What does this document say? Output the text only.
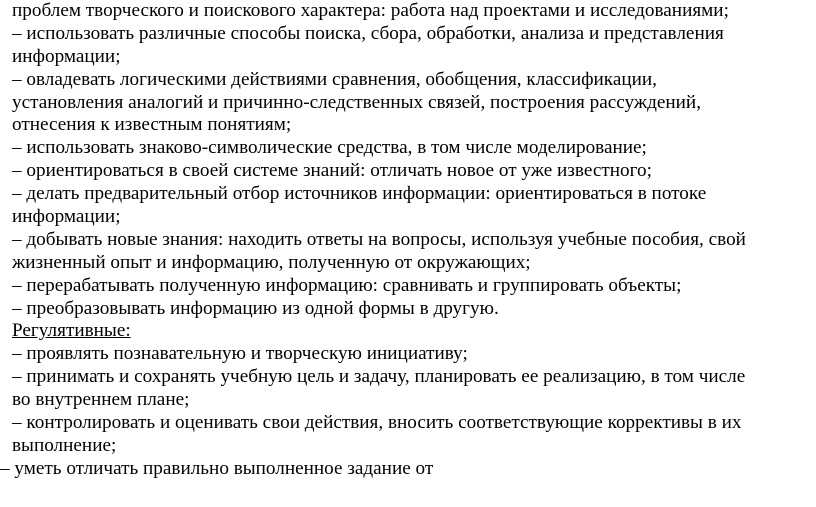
проблем творческого и поискового характера: работа над проектами и исследованиями;
– использовать различные способы поиска, сбора, обработки, анализа и представления
информации;
– овладевать логическими действиями сравнения, обобщения, классификации,
установления аналогий и причинно-следственных связей, построения рассуждений,
отнесения к известным понятиям;
– использовать знаково-символические средства, в том числе моделирование;
– ориентироваться в своей системе знаний: отличать новое от уже известного;
– делать предварительный отбор источников информации: ориентироваться в потоке
информации;
– добывать новые знания: находить ответы на вопросы, используя учебные пособия, свой
жизненный опыт и информацию, полученную от окружающих;
– перерабатывать полученную информацию: сравнивать и группировать объекты;
– преобразовывать информацию из одной формы в другую.
Регулятивные:
– проявлять познавательную и творческую инициативу;
– принимать и сохранять учебную цель и задачу, планировать ее реализацию, в том числе
во внутреннем плане;
– контролировать и оценивать свои действия, вносить соответствующие коррективы в их
выполнение;
– уметь отличать правильно выполненное задание от
